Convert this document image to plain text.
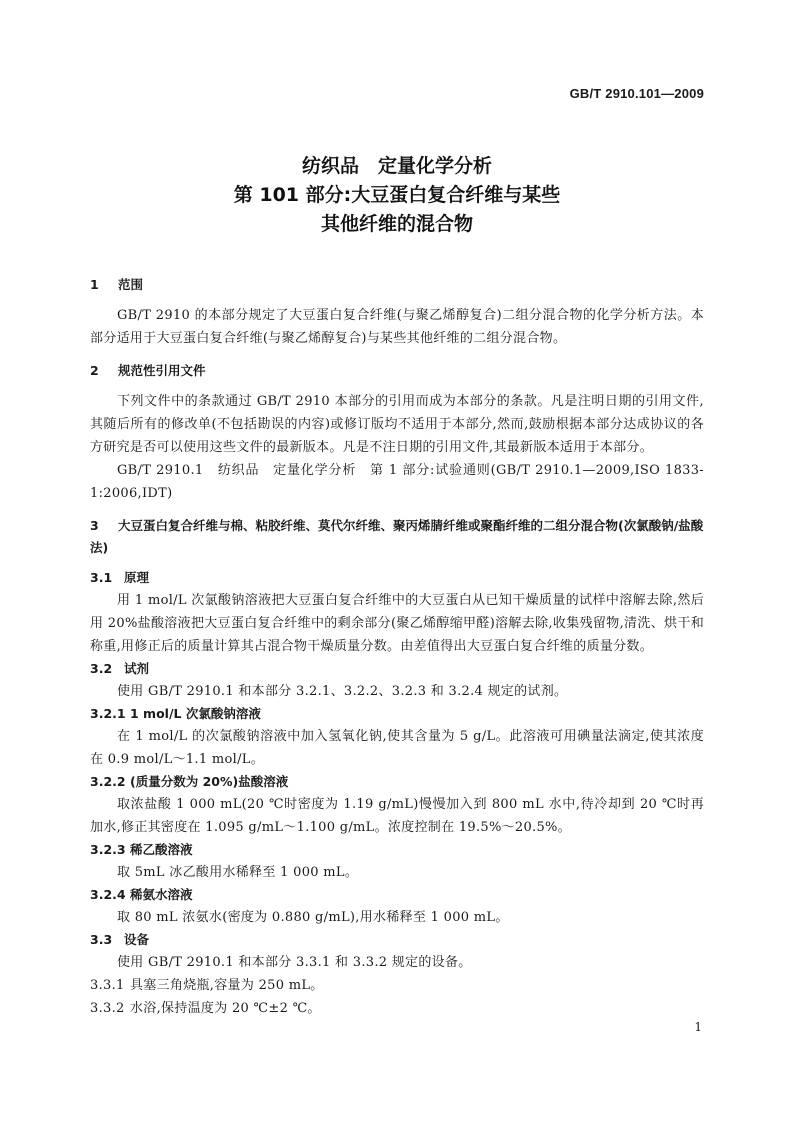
GB/T 2910.101—2009
纺织品　定量化学分析
第 101 部分:大豆蛋白复合纤维与某些
其他纤维的混合物
1 范围

GB/T 2910 的本部分规定了大豆蛋白复合纤维(与聚乙烯醇复合)二组分混合物的化学分析方法。本部分适用于大豆蛋白复合纤维(与聚乙烯醇复合)与某些其他纤维的二组分混合物。

2 规范性引用文件

下列文件中的条款通过 GB/T 2910 本部分的引用而成为本部分的条款。凡是注明日期的引用文件,其随后所有的修改单(不包括勘误的内容)或修订版均不适用于本部分,然而,鼓励根据本部分达成协议的各方研究是否可以使用这些文件的最新版本。凡是不注日期的引用文件,其最新版本适用于本部分。

GB/T 2910.1　纺织品　定量化学分析　第 1 部分:试验通则(GB/T 2910.1—2009,ISO 1833-1:2006,IDT)

3 大豆蛋白复合纤维与棉、粘胶纤维、莫代尔纤维、聚丙烯腈纤维或聚酯纤维的二组分混合物(次氯酸钠/盐酸法)
3.1 原理

用 1 mol/L 次氯酸钠溶液把大豆蛋白复合纤维中的大豆蛋白从已知干燥质量的试样中溶解去除,然后用 20%盐酸溶液把大豆蛋白复合纤维中的剩余部分(聚乙烯醇缩甲醛)溶解去除,收集残留物,清洗、烘干和称重,用修正后的质量计算其占混合物干燥质量分数。由差值得出大豆蛋白复合纤维的质量分数。

3.2 试剂

使用 GB/T 2910.1 和本部分 3.2.1、3.2.2、3.2.3 和 3.2.4 规定的试剂。

3.2.1 1 mol/L 次氯酸钠溶液

在 1 mol/L 的次氯酸钠溶液中加入氢氧化钠,使其含量为 5 g/L。此溶液可用碘量法滴定,使其浓度在 0.9 mol/L～1.1 mol/L。

3.2.2 (质量分数为 20%)盐酸溶液

取浓盐酸 1 000 mL(20 ℃时密度为 1.19 g/mL)慢慢加入到 800 mL 水中,待冷却到 20 ℃时再加水,修正其密度在 1.095 g/mL～1.100 g/mL。浓度控制在 19.5%～20.5%。

3.2.3 稀乙酸溶液

取 5mL 冰乙酸用水稀释至 1 000 mL。

3.2.4 稀氨水溶液

取 80 mL 浓氨水(密度为 0.880 g/mL),用水稀释至 1 000 mL。

3.3 设备

使用 GB/T 2910.1 和本部分 3.3.1 和 3.3.2 规定的设备。

3.3.1 具塞三角烧瓶,容量为 250 mL。

3.3.2 水浴,保持温度为 20 ℃±2 ℃。

1
